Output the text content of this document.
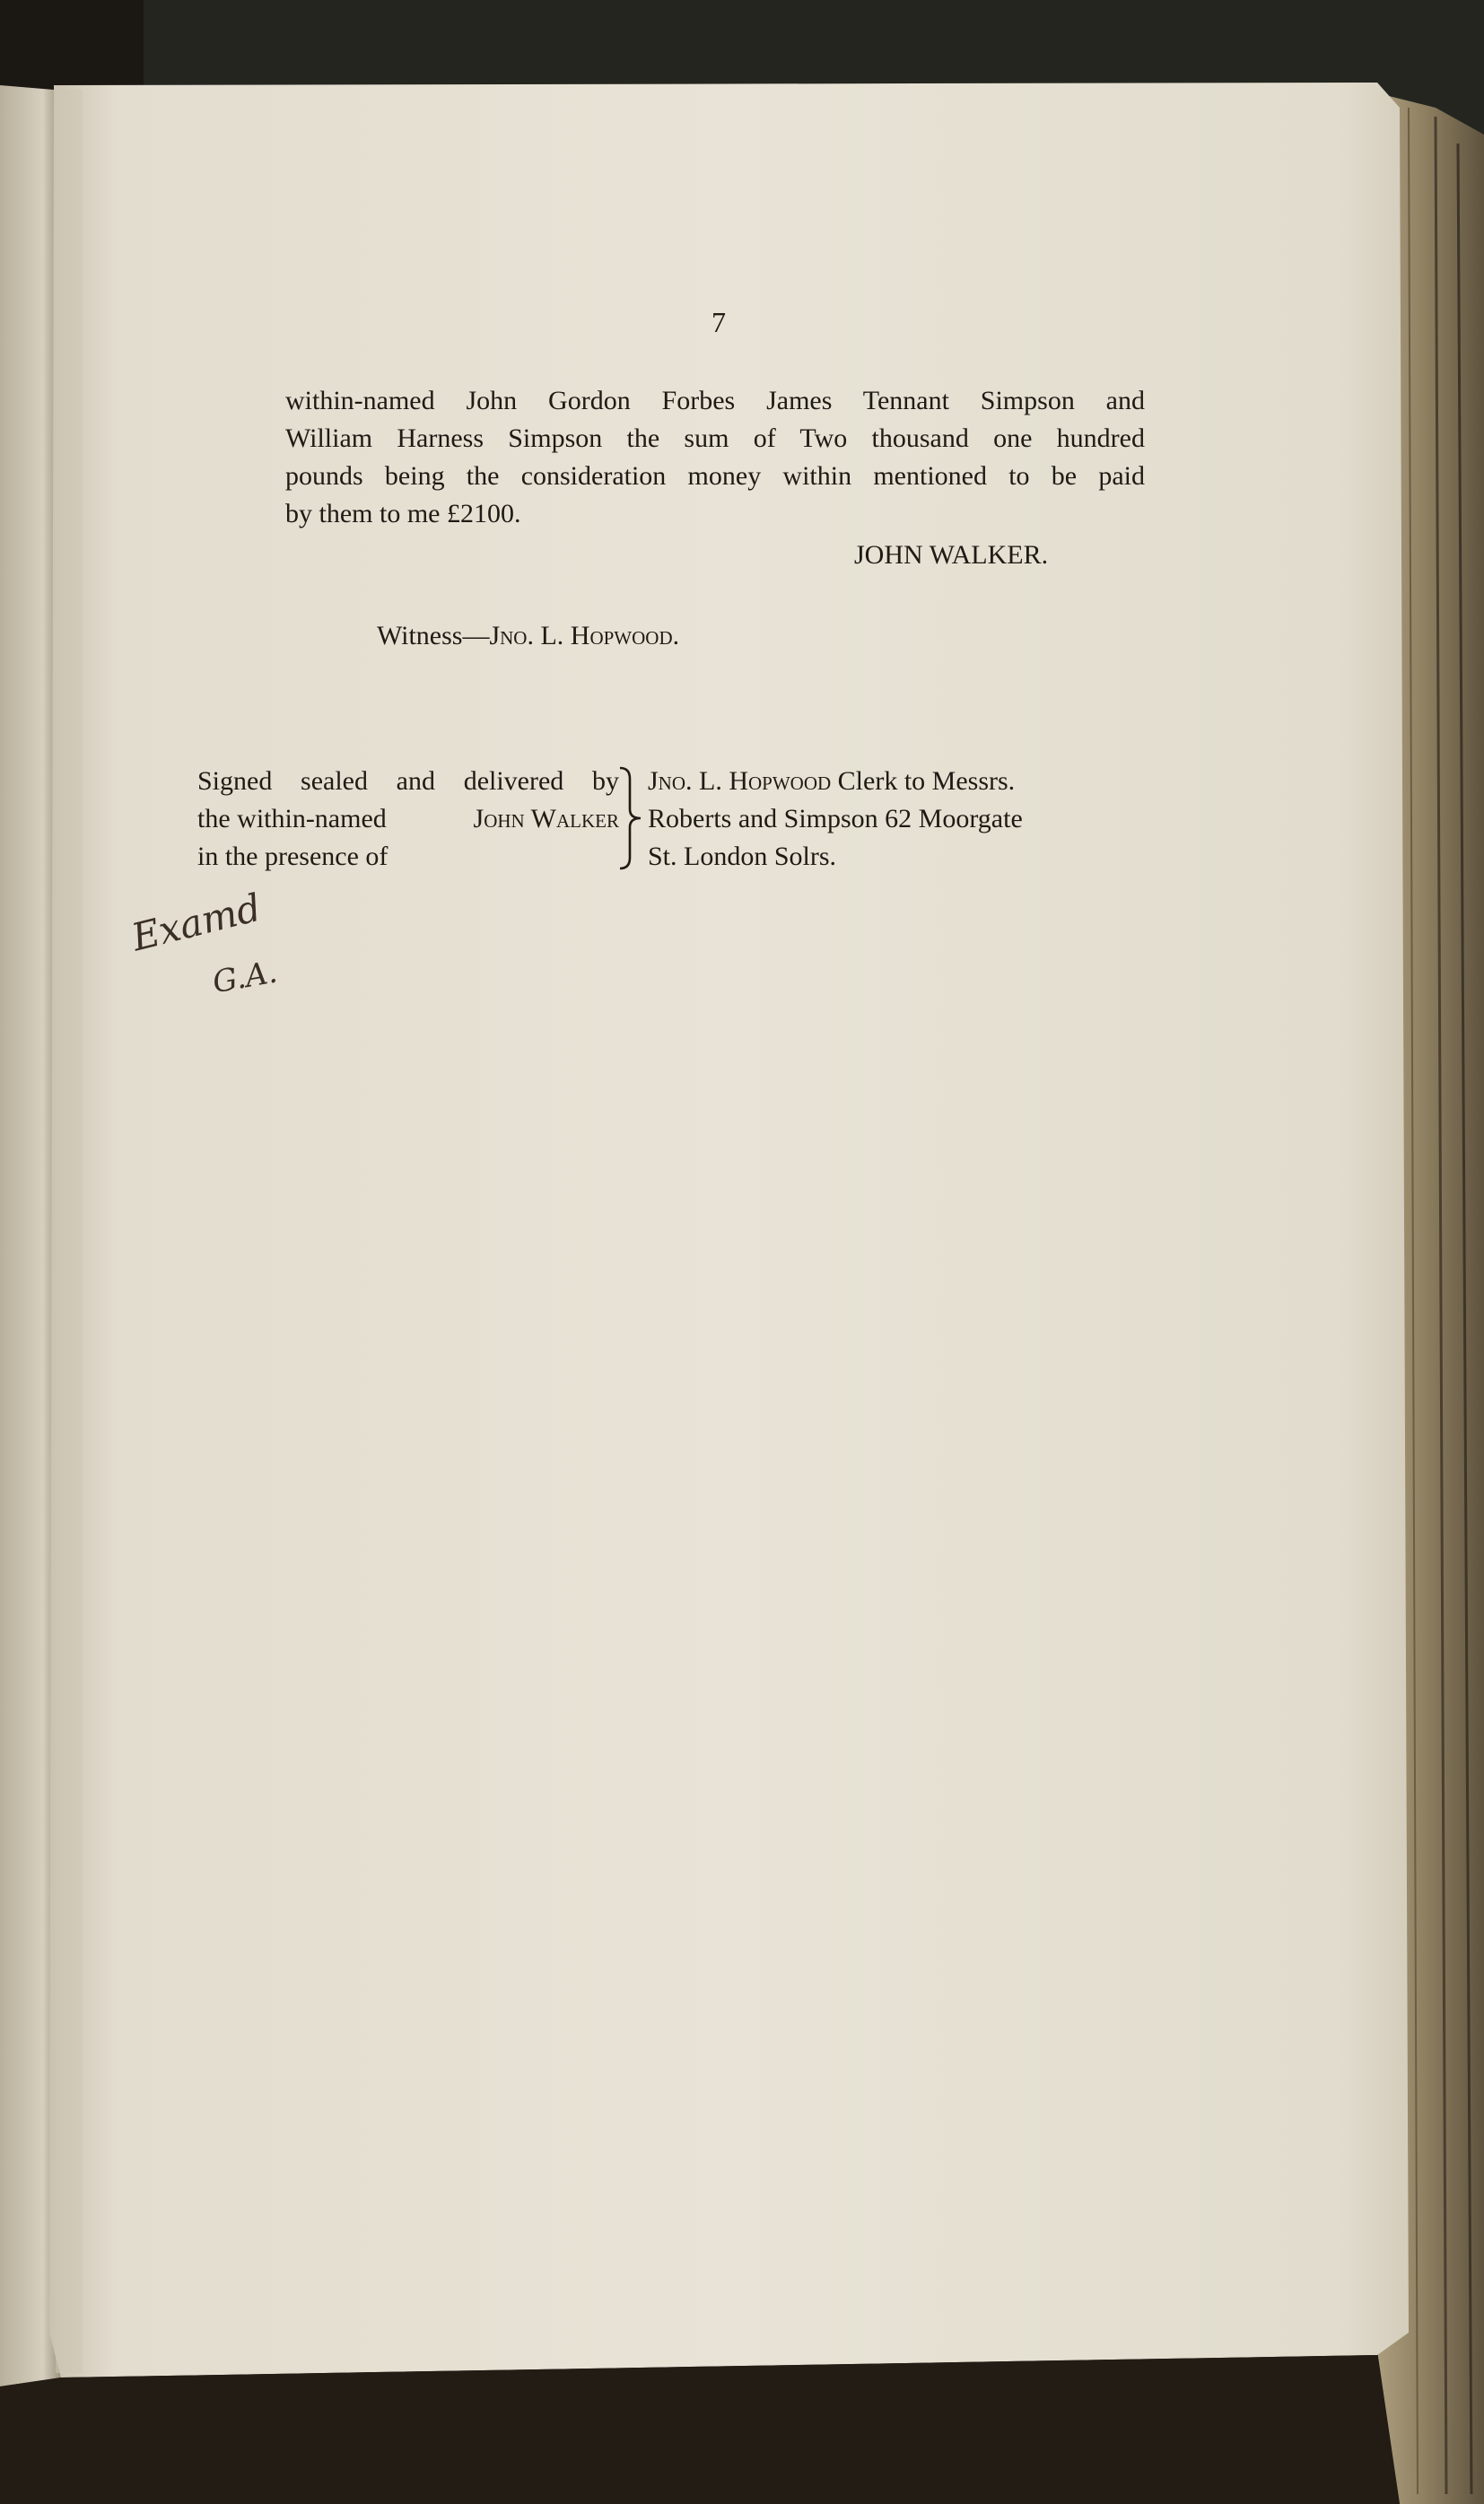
7
within-named John Gordon Forbes James Tennant Simpson and
William Harness Simpson the sum of Two thousand one hundred
pounds being the consideration money within mentioned to be paid
by them to me £2100.
JOHN WALKER.
Witness—Jno. L. Hopwood.
Signed sealed and delivered by
the within-named	John Walker
in the presence of
Jno. L. Hopwood Clerk to Messrs.
Roberts and Simpson 62 Moorgate
St. London Solrs.
Examd
G.A.
